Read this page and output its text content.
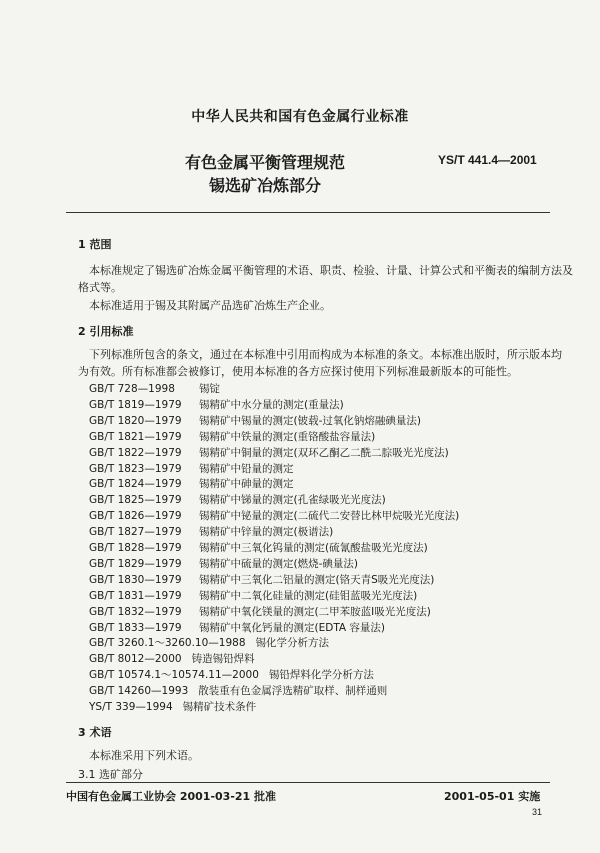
中华人民共和国有色金属行业标准
有色金属平衡管理规范
锡选矿冶炼部分
YS/T 441.4—2001
1 范围
本标准规定了锡选矿冶炼金属平衡管理的术语、职责、检验、计量、计算公式和平衡表的编制方法及
格式等。
本标准适用于锡及其附属产品选矿冶炼生产企业。
2 引用标准
下列标准所包含的条文，通过在本标准中引用而构成为本标准的条文。本标准出版时，所示版本均
为有效。所有标准都会被修订，使用本标准的各方应探讨使用下列标准最新版本的可能性。
GB/T 728—1998 锡锭
GB/T 1819—1979 锡精矿中水分量的测定(重量法)
GB/T 1820—1979 锡精矿中锡量的测定(铍载-过氧化钠熔融碘量法)
GB/T 1821—1979 锡精矿中铁量的测定(重铬酸盐容量法)
GB/T 1822—1979 锡精矿中铜量的测定(双环乙酮乙二酰二腙吸光光度法)
GB/T 1823—1979 锡精矿中铅量的测定
GB/T 1824—1979 锡精矿中砷量的测定
GB/T 1825—1979 锡精矿中锑量的测定(孔雀绿吸光光度法)
GB/T 1826—1979 锡精矿中铋量的测定(二硫代二安替比林甲烷吸光光度法)
GB/T 1827—1979 锡精矿中锌量的测定(极谱法)
GB/T 1828—1979 锡精矿中三氧化钨量的测定(硫氰酸盐吸光光度法)
GB/T 1829—1979 锡精矿中硫量的测定(燃烧-碘量法)
GB/T 1830—1979 锡精矿中三氧化二铝量的测定(铬天青S吸光光度法)
GB/T 1831—1979 锡精矿中二氧化硅量的测定(硅钼蓝吸光光度法)
GB/T 1832—1979 锡精矿中氧化镁量的测定(二甲苯胺蓝Ⅰ吸光光度法)
GB/T 1833—1979 锡精矿中氧化钙量的测定(EDTA 容量法)
GB/T 3260.1～3260.10—1988 锡化学分析方法
GB/T 8012—2000 铸造锡铅焊料
GB/T 10574.1～10574.11—2000 锡铅焊料化学分析方法
GB/T 14260—1993 散装重有色金属浮选精矿取样、制样通则
YS/T 339—1994 锡精矿技术条件
3 术语
本标准采用下列术语。
3.1 选矿部分
中国有色金属工业协会 2001-03-21 批准	2001-05-01 实施
31
